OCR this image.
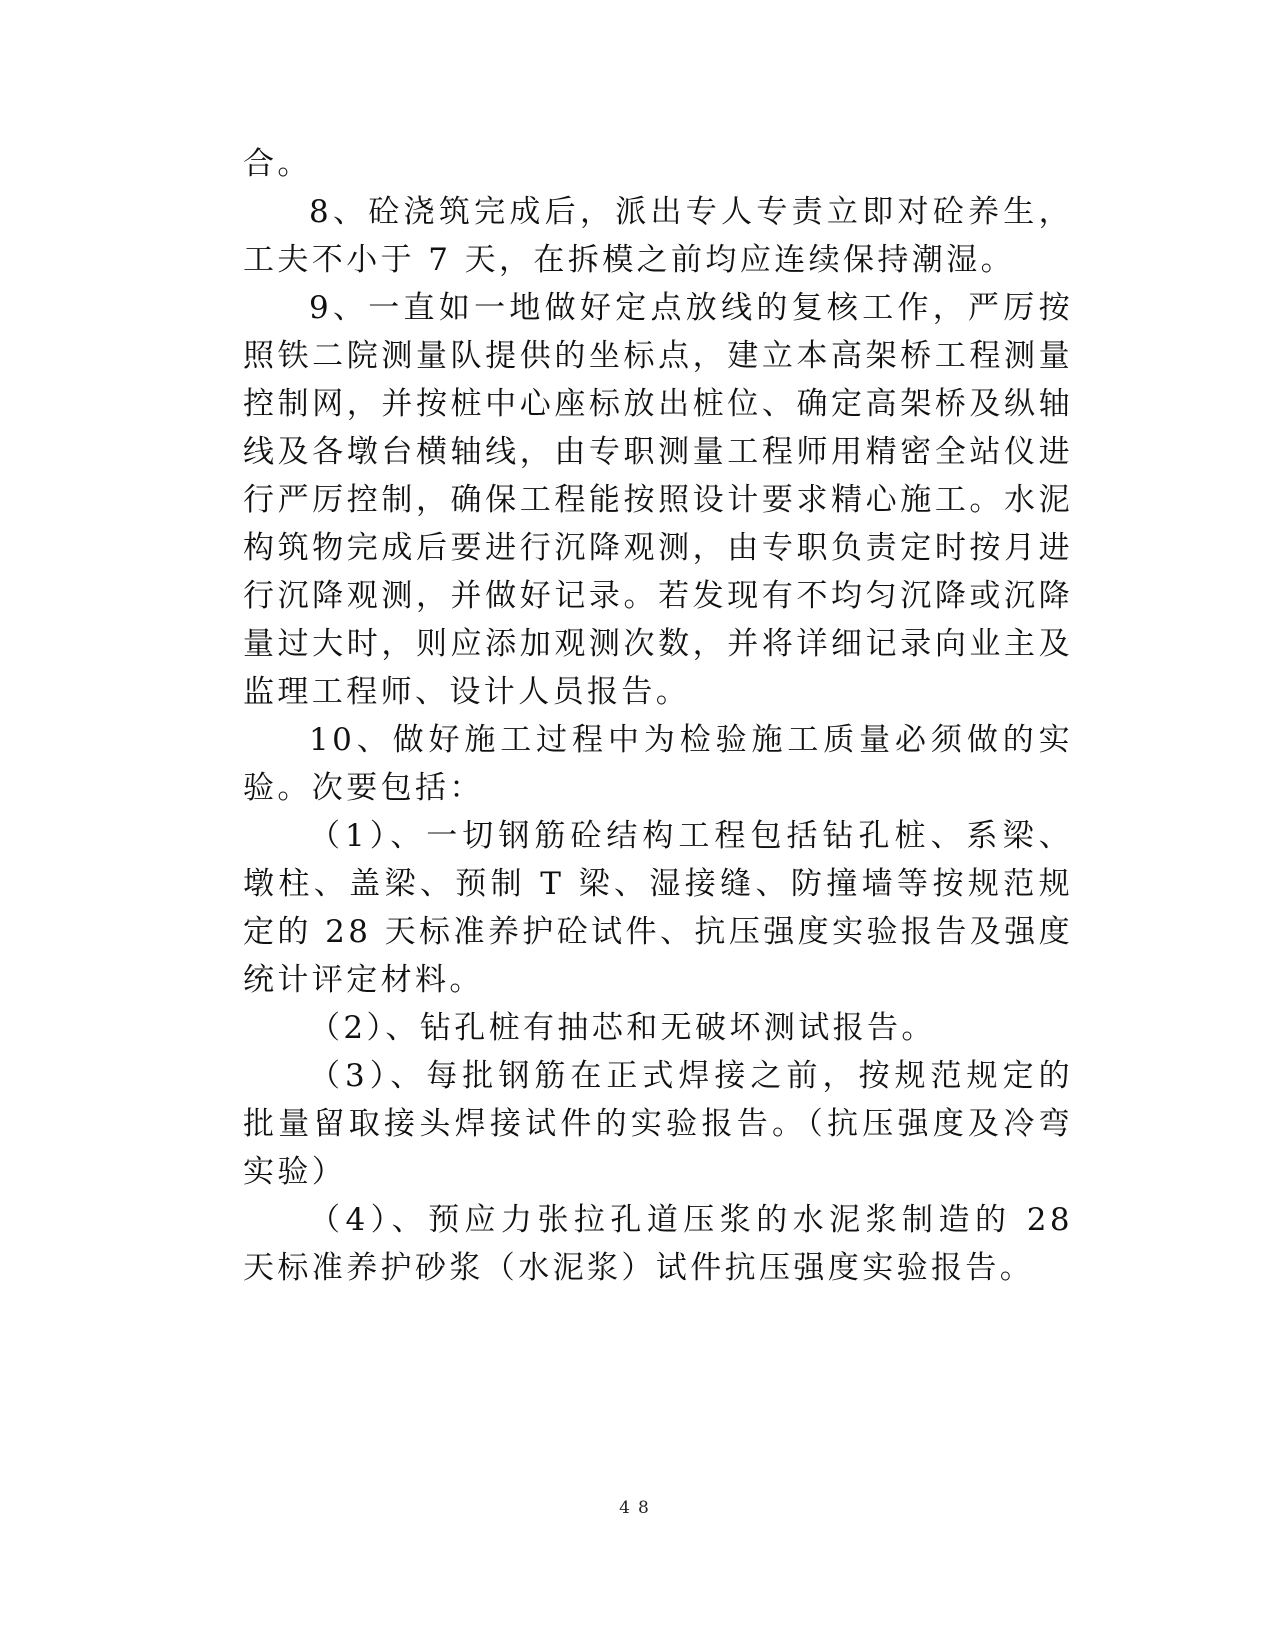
合。

8、砼浇筑完成后，派出专人专责立即对砼养生，工夫不小于 7 天，在拆模之前均应连续保持潮湿。

9、一直如一地做好定点放线的复核工作，严厉按照铁二院测量队提供的坐标点，建立本高架桥工程测量控制网，并按桩中心座标放出桩位、确定高架桥及纵轴线及各墩台横轴线，由专职测量工程师用精密全站仪进行严厉控制，确保工程能按照设计要求精心施工。水泥构筑物完成后要进行沉降观测，由专职负责定时按月进行沉降观测，并做好记录。若发现有不均匀沉降或沉降量过大时，则应添加观测次数，并将详细记录向业主及监理工程师、设计人员报告。

10、做好施工过程中为检验施工质量必须做的实验。次要包括：

（1）、一切钢筋砼结构工程包括钻孔桩、系梁、墩柱、盖梁、预制 T 梁、湿接缝、防撞墙等按规范规定的 28 天标准养护砼试件、抗压强度实验报告及强度统计评定材料。

（2）、钻孔桩有抽芯和无破坏测试报告。

（3）、每批钢筋在正式焊接之前，按规范规定的批量留取接头焊接试件的实验报告。（抗压强度及冷弯实验）

（4）、预应力张拉孔道压浆的水泥浆制造的 28 天标准养护砂浆（水泥浆）试件抗压强度实验报告。

48
